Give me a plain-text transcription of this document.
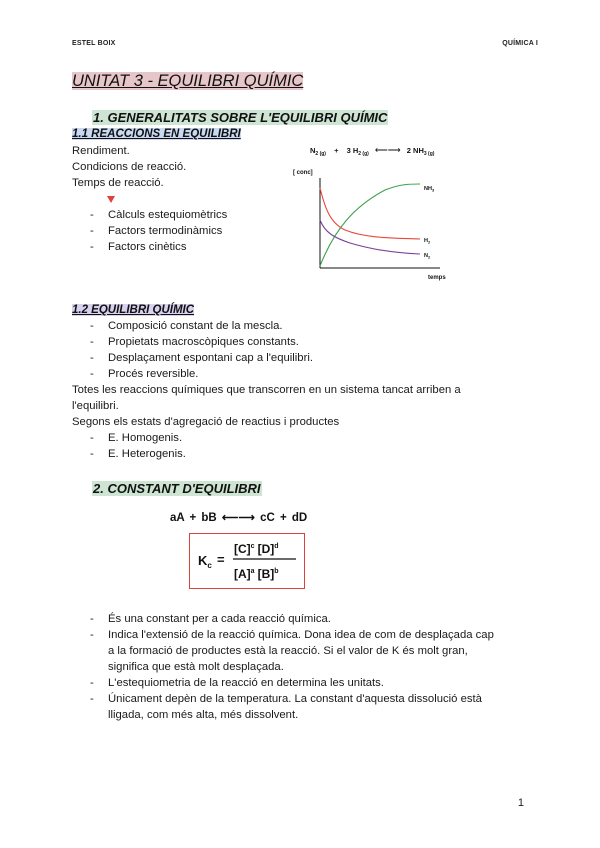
ESTEL BOIX	QUÍMICA I
UNITAT 3 - EQUILIBRI QUÍMIC
1. GENERALITATS SOBRE L'EQUILIBRI QUÍMIC
1.1 REACCIONS EN EQUILIBRI
Rendiment.
Condicions de reacció.
Temps de reacció.
- Càlculs estequiomètrics
- Factors termodinàmics
- Factors cinètics
$N_{2 (g)} + 3$ $H_{2 (g)}$ ⟵⟶ 2 $NH_{3 (g)}$
[ conc]
$NH_3$
$H_2$
$N_2$
temps
1.2 EQUILIBRI QUÍMIC
- Composició constant de la mescla.
- Propietats macroscòpiques constants.
- Desplaçament espontani cap a l'equilibri.
- Procés reversible.
Totes les reaccions químiques que transcorren en un sistema tancat arriben a
l'equilibri.
Segons els estats d'agregació de reactius i productes
- E. Homogenis.
- E. Heterogenis.
2. CONSTANT D'EQUILIBRI
aA + bB ⟵⟶ cC + dD
$K_c$ =
$[C]^c$ $[D]^d$
$[A]^a$ $[B]^b$
- És una constant per a cada reacció química.
- Indica l'extensió de la reacció química. Dona idea de com de desplaçada cap
a la formació de productes està la reacció. Si el valor de K és molt gran,
significa que està molt desplaçada.
- L'estequiometria de la reacció en determina les unitats.
- Únicament depèn de la temperatura. La constant d'aquesta dissolució està
lligada, com més alta, més dissolvent.
1
